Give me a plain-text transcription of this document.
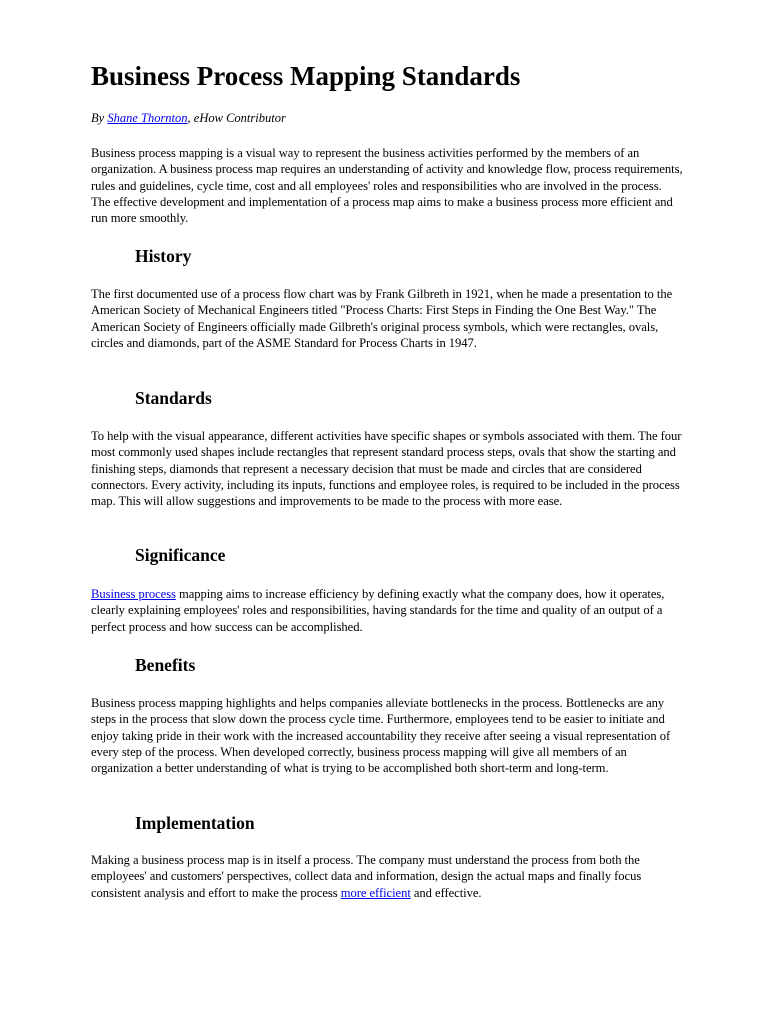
Business Process Mapping Standards

By Shane Thornton, eHow Contributor

Business process mapping is a visual way to represent the business activities performed by the members of an organization. A business process map requires an understanding of activity and knowledge flow, process requirements, rules and guidelines, cycle time, cost and all employees' roles and responsibilities who are involved in the process. The effective development and implementation of a process map aims to make a business process more efficient and run more smoothly.

History

The first documented use of a process flow chart was by Frank Gilbreth in 1921, when he made a presentation to the American Society of Mechanical Engineers titled "Process Charts: First Steps in Finding the One Best Way." The American Society of Engineers officially made Gilbreth's original process symbols, which were rectangles, ovals, circles and diamonds, part of the ASME Standard for Process Charts in 1947.

Standards

To help with the visual appearance, different activities have specific shapes or symbols associated with them. The four most commonly used shapes include rectangles that represent standard process steps, ovals that show the starting and finishing steps, diamonds that represent a necessary decision that must be made and circles that are considered connectors. Every activity, including its inputs, functions and employee roles, is required to be included in the process map. This will allow suggestions and improvements to be made to the process with more ease.

Significance

Business process mapping aims to increase efficiency by defining exactly what the company does, how it operates, clearly explaining employees' roles and responsibilities, having standards for the time and quality of an output of a perfect process and how success can be accomplished.

Benefits

Business process mapping highlights and helps companies alleviate bottlenecks in the process. Bottlenecks are any steps in the process that slow down the process cycle time. Furthermore, employees tend to be easier to initiate and enjoy taking pride in their work with the increased accountability they receive after seeing a visual representation of every step of the process. When developed correctly, business process mapping will give all members of an organization a better understanding of what is trying to be accomplished both short-term and long-term.

Implementation

Making a business process map is in itself a process. The company must understand the process from both the employees' and customers' perspectives, collect data and information, design the actual maps and finally focus consistent analysis and effort to make the process more efficient and effective.
